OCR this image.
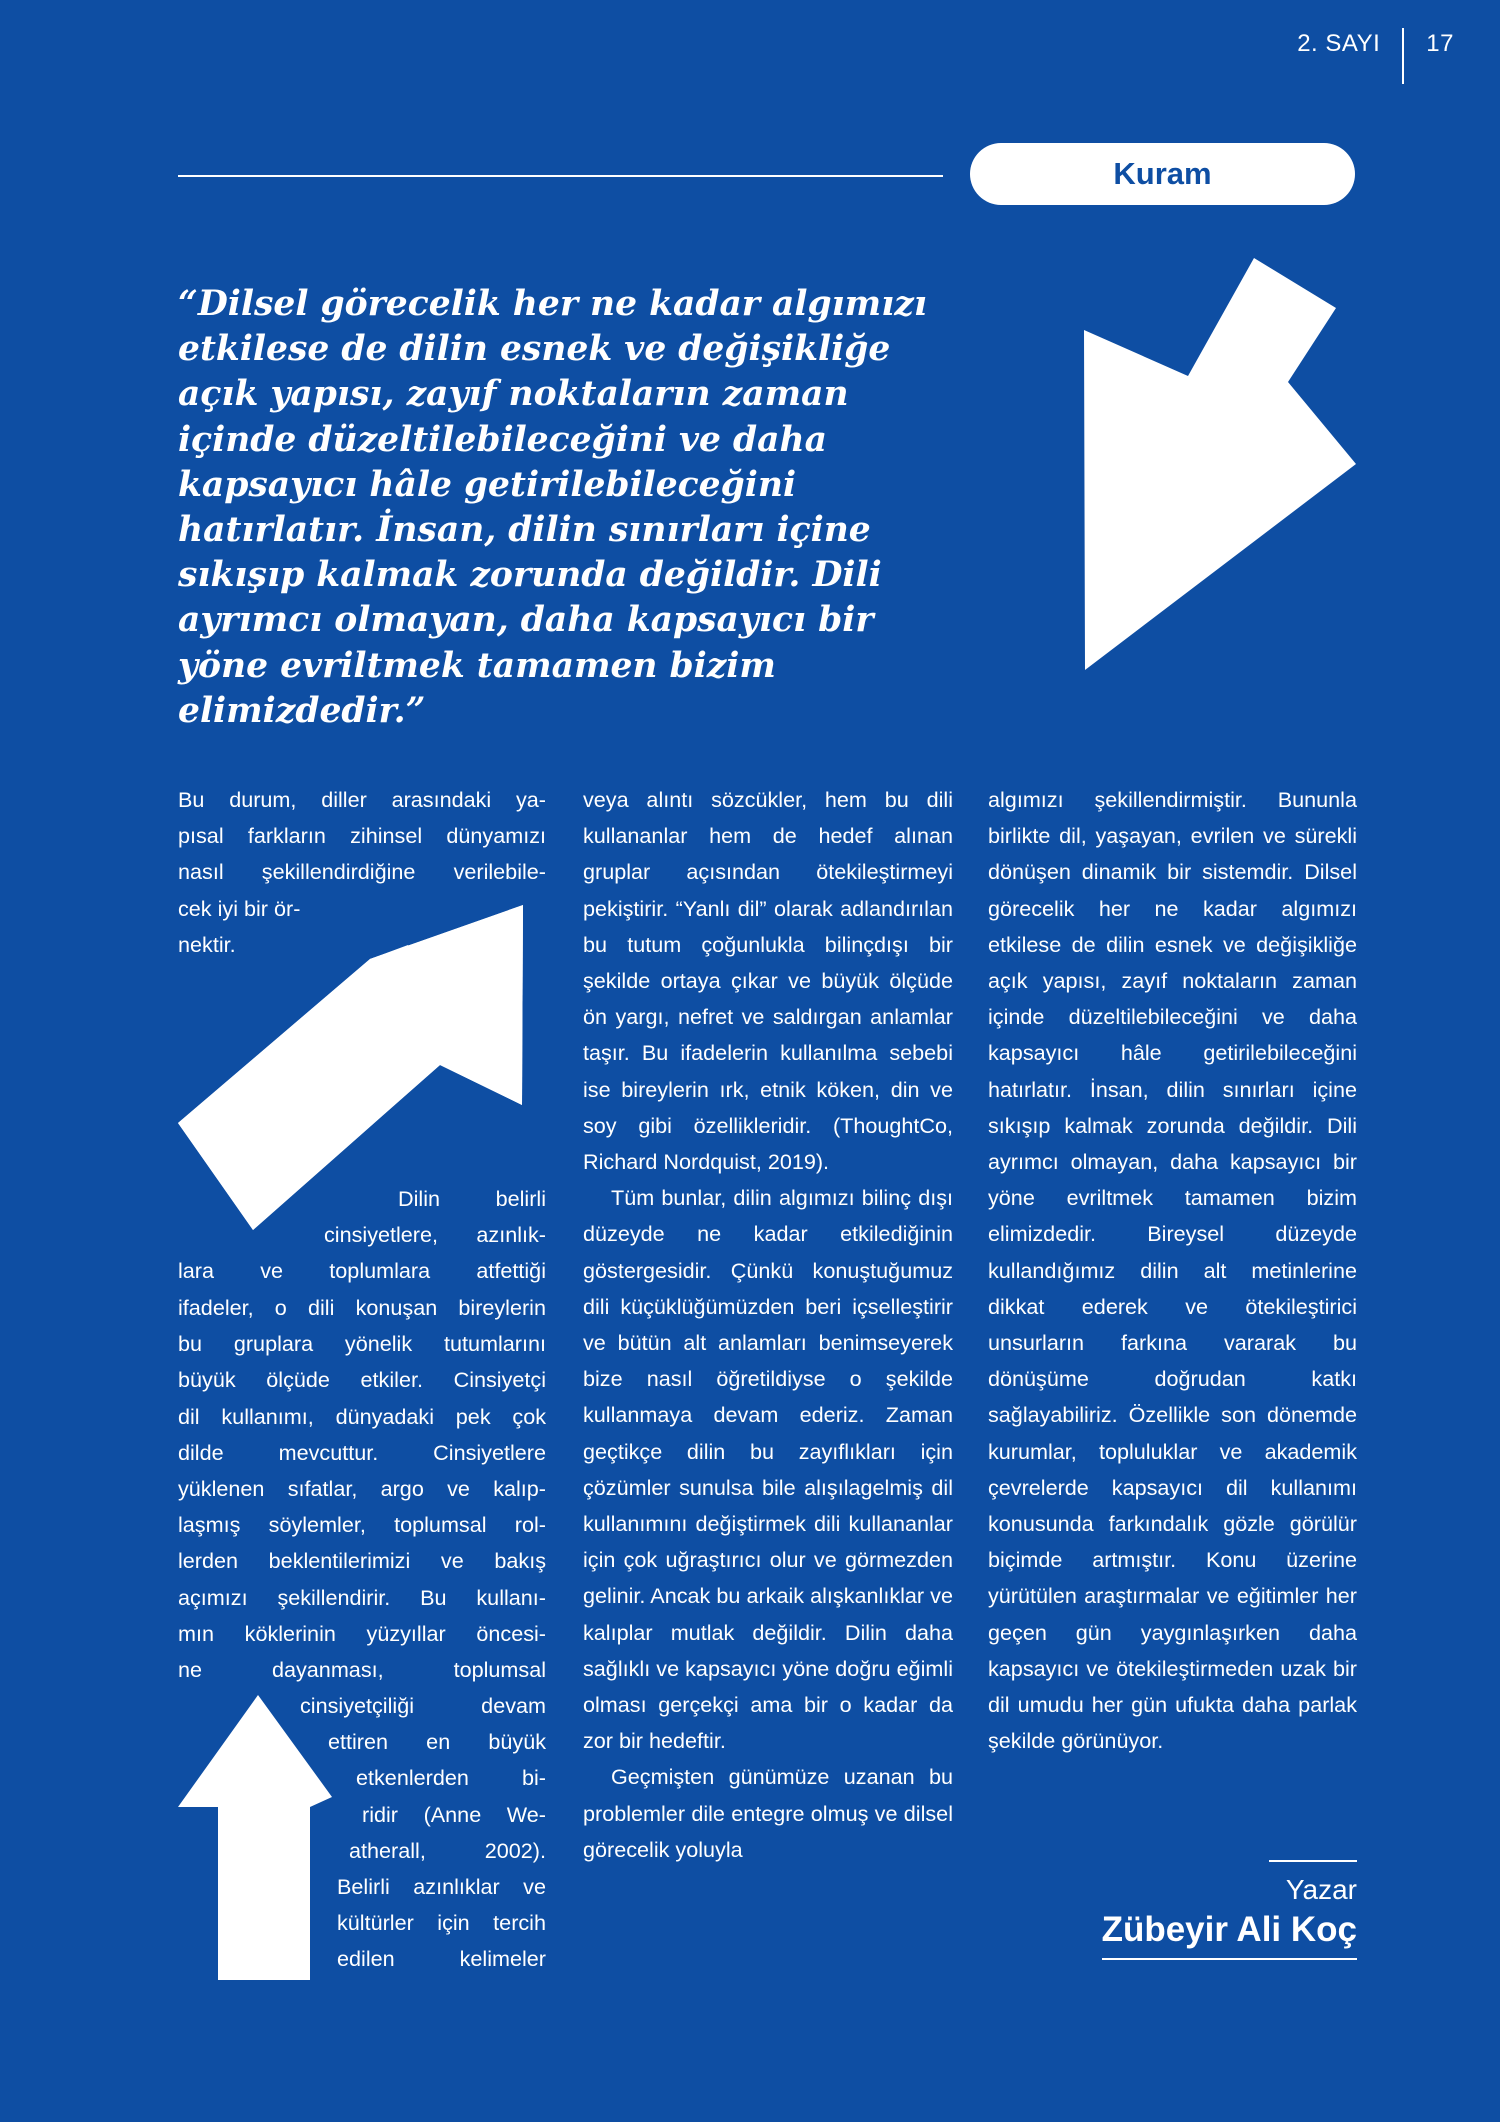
2. SAYI	17
Kuram

“Dilsel görecelik her ne kadar algımızı etkilese de dilin esnek ve değişikliğe açık yapısı, zayıf noktaların zaman içinde düzeltilebileceğini ve daha kapsayıcı hâle getirilebileceğini hatırlatır. İnsan, dilin sınırları içine sıkışıp kalmak zorunda değildir. Dili ayrımcı olmayan, daha kapsayıcı bir yöne evriltmek tamamen bizim elimizdedir.”

Bu durum, diller arasındaki ya-
pısal farkların zihinsel dünyamızı
nasıl şekillendirdiğine verilebile-
cek iyi bir ör-
nektir.
Dilin belirli
cinsiyetlere, azınlık-
lara ve toplumlara atfettiği
ifadeler, o dili konuşan bireylerin
bu gruplara yönelik tutumlarını
büyük ölçüde etkiler. Cinsiyetçi
dil kullanımı, dünyadaki pek çok
dilde mevcuttur. Cinsiyetlere
yüklenen sıfatlar, argo ve kalıp-
laşmış söylemler, toplumsal rol-
lerden beklentilerimizi ve bakış
açımızı şekillendirir. Bu kullanı-
mın köklerinin yüzyıllar öncesi-
ne dayanması, toplumsal
cinsiyetçiliği devam
ettiren en büyük
etkenlerden bi-
ridir (Anne We-
atherall, 2002).
Belirli azınlıklar ve
kültürler için tercih
edilen kelimeler

veya alıntı sözcükler, hem bu dili kullananlar hem de hedef alınan gruplar açısından ötekileştirmeyi pekiştirir. “Yanlı dil” olarak adlandırılan bu tutum çoğunlukla bilinçdışı bir şekilde ortaya çıkar ve büyük ölçüde ön yargı, nefret ve saldırgan anlamlar taşır. Bu ifadelerin kullanılma sebebi ise bireylerin ırk, etnik köken, din ve soy gibi özellikleridir. (ThoughtCo, Richard Nordquist, 2019).

Tüm bunlar, dilin algımızı bilinç dışı düzeyde ne kadar etkilediğinin göstergesidir. Çünkü konuştuğumuz dili küçüklüğümüzden beri içselleştirir ve bütün alt anlamları benimseyerek bize nasıl öğretildiyse o şekilde kullanmaya devam ederiz. Zaman geçtikçe dilin bu zayıflıkları için çözümler sunulsa bile alışılagelmiş dil kullanımını değiştirmek dili kullananlar için çok uğraştırıcı olur ve görmezden gelinir. Ancak bu arkaik alışkanlıklar ve kalıplar mutlak değildir. Dilin daha sağlıklı ve kapsayıcı yöne doğru eğimli olması gerçekçi ama bir o kadar da zor bir hedeftir.

Geçmişten günümüze uzanan bu problemler dile entegre olmuş ve dilsel görecelik yoluyla

algımızı şekillendirmiştir. Bununla birlikte dil, yaşayan, evrilen ve sürekli dönüşen dinamik bir sistemdir. Dilsel görecelik her ne kadar algımızı etkilese de dilin esnek ve değişikliğe açık yapısı, zayıf noktaların zaman içinde düzeltilebileceğini ve daha kapsayıcı hâle getirilebileceğini hatırlatır. İnsan, dilin sınırları içine sıkışıp kalmak zorunda değildir. Dili ayrımcı olmayan, daha kapsayıcı bir yöne evriltmek tamamen bizim elimizdedir. Bireysel düzeyde kullandığımız dilin alt metinlerine dikkat ederek ve ötekileştirici unsurların farkına vararak bu dönüşüme doğrudan katkı sağlayabiliriz. Özellikle son dönemde kurumlar, topluluklar ve akademik çevrelerde kapsayıcı dil kullanımı konusunda farkındalık gözle görülür biçimde artmıştır. Konu üzerine yürütülen araştırmalar ve eğitimler her geçen gün yaygınlaşırken daha kapsayıcı ve ötekileştirmeden uzak bir dil umudu her gün ufukta daha parlak şekilde görünüyor.

Yazar
Zübeyir Ali Koç
